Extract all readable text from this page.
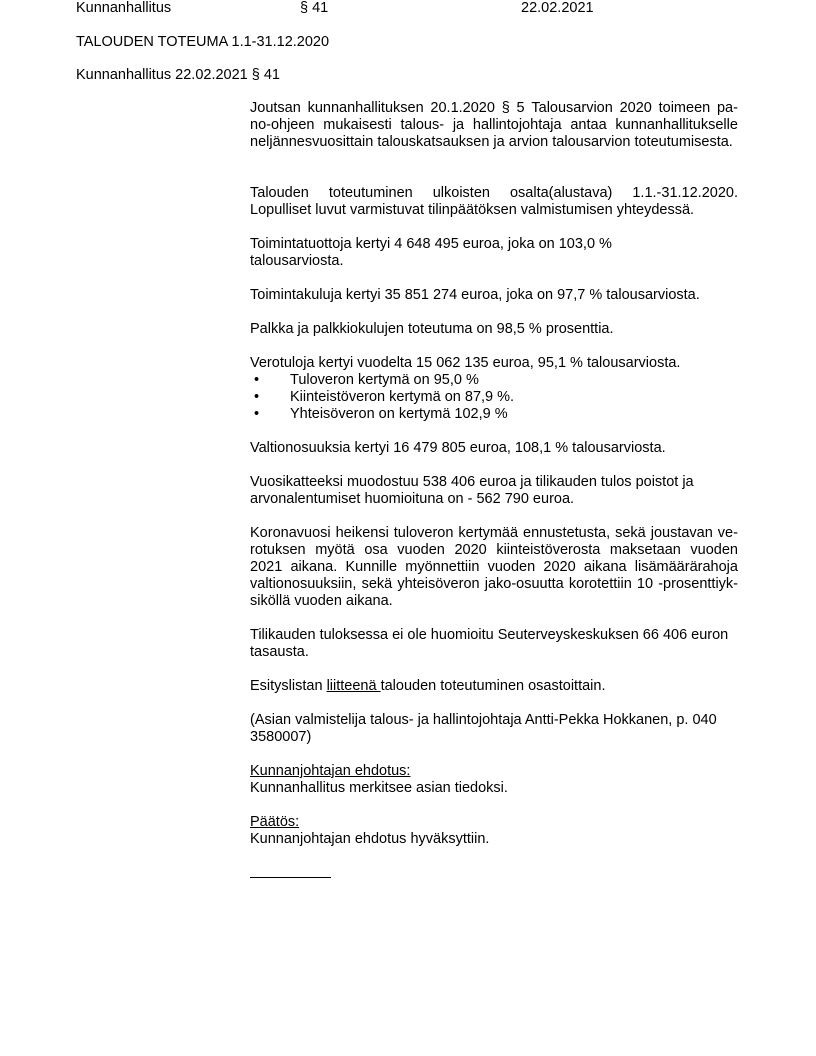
Kunnanhallitus	§ 41	22.02.2021
TALOUDEN TOTEUMA 1.1-31.12.2020
Kunnanhallitus 22.02.2021 § 41
Joutsan kunnanhallituksen 20.1.2020 § 5 Talousarvion 2020 toimeen pa-
no-ohjeen mukaisesti talous- ja hallintojohtaja antaa kunnanhallitukselle
neljännesvuosittain talouskatsauksen ja arvion talousarvion toteutumisesta.
Talouden toteutuminen ulkoisten osalta(alustava) 1.1.-31.12.2020.
Lopulliset luvut varmistuvat tilinpäätöksen valmistumisen yhteydessä.
Toimintatuottoja kertyi 4 648 495 euroa, joka on 103,0 %
talousarviosta.
Toimintakuluja kertyi 35 851 274 euroa, joka on 97,7 % talousarviosta.
Palkka ja palkkiokulujen toteutuma on 98,5 % prosenttia.
Verotuloja kertyi vuodelta 15 062 135 euroa, 95,1 % talousarviosta.
• Tuloveron kertymä on 95,0 %
• Kiinteistöveron kertymä on 87,9 %.
• Yhteisöveron on kertymä 102,9 %
Valtionosuuksia kertyi 16 479 805 euroa, 108,1 % talousarviosta.
Vuosikatteeksi muodostuu 538 406 euroa ja tilikauden tulos poistot ja
arvonalentumiset huomioituna on - 562 790 euroa.
Koronavuosi heikensi tuloveron kertymää ennustetusta, sekä joustavan ve-
rotuksen myötä osa vuoden 2020 kiinteistöverosta maksetaan vuoden
2021 aikana. Kunnille myönnettiin vuoden 2020 aikana lisämäärärahoja
valtionosuuksiin, sekä yhteisöveron jako-osuutta korotettiin 10 -prosenttiyk-
siköllä vuoden aikana.
Tilikauden tuloksessa ei ole huomioitu Seuterveyskeskuksen 66 406 euron
tasausta.
Esityslistan liitteenä talouden toteutuminen osastoittain.
(Asian valmistelija talous- ja hallintojohtaja Antti-Pekka Hokkanen, p. 040
3580007)
Kunnanjohtajan ehdotus:
Kunnanhallitus merkitsee asian tiedoksi.
Päätös:
Kunnanjohtajan ehdotus hyväksyttiin.
